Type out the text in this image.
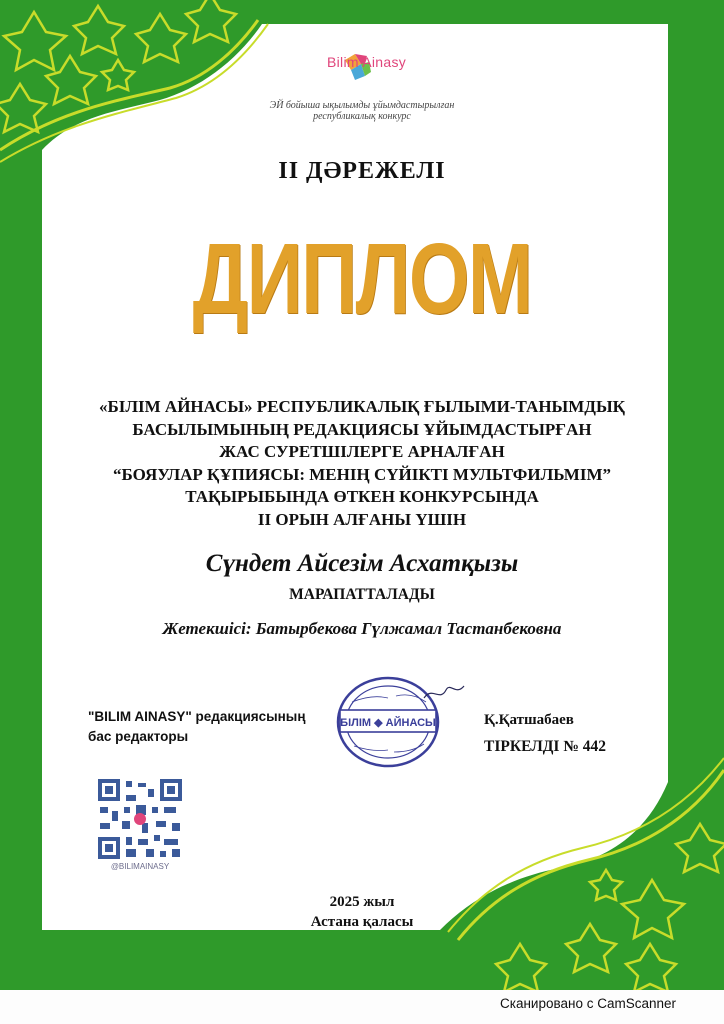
Bilim Ainasy
ЭЙ бойыша ықылымды ұйымдастырылған
республикалық конкурс
ІІ ДӘРЕЖЕЛІ
ДИПЛОМ
«БІЛІМ АЙНАСЫ» РЕСПУБЛИКАЛЫҚ ҒЫЛЫМИ-ТАНЫМДЫҚ
БАСЫЛЫМЫНЫҢ РЕДАКЦИЯСЫ ҰЙЫМДАСТЫРҒАН
ЖАС СУРЕТШІЛЕРГЕ АРНАЛҒАН
“БОЯУЛАР ҚҰПИЯСЫ: МЕНІҢ СҮЙІКТІ МУЛЬТФИЛЬМІМ”
ТАҚЫРЫБЫНДА ӨТКЕН КОНКУРСЫНДА
ІІ ОРЫН АЛҒАНЫ ҮШІН
Сүндет Айсезім Асхатқызы
МАРАПАТТАЛАДЫ
Жетекшісі: Батырбекова Гүлжамал Тастанбековна
"BILIM AINASY" редакциясының
бас редакторы
БІЛІМ ◆ АЙНАСЫ	Қ.Қатшабаев
ТІРКЕЛДІ № 442
@BILIMAINASY
2025 жыл
Астана қаласы
Сканировано с CamScanner
